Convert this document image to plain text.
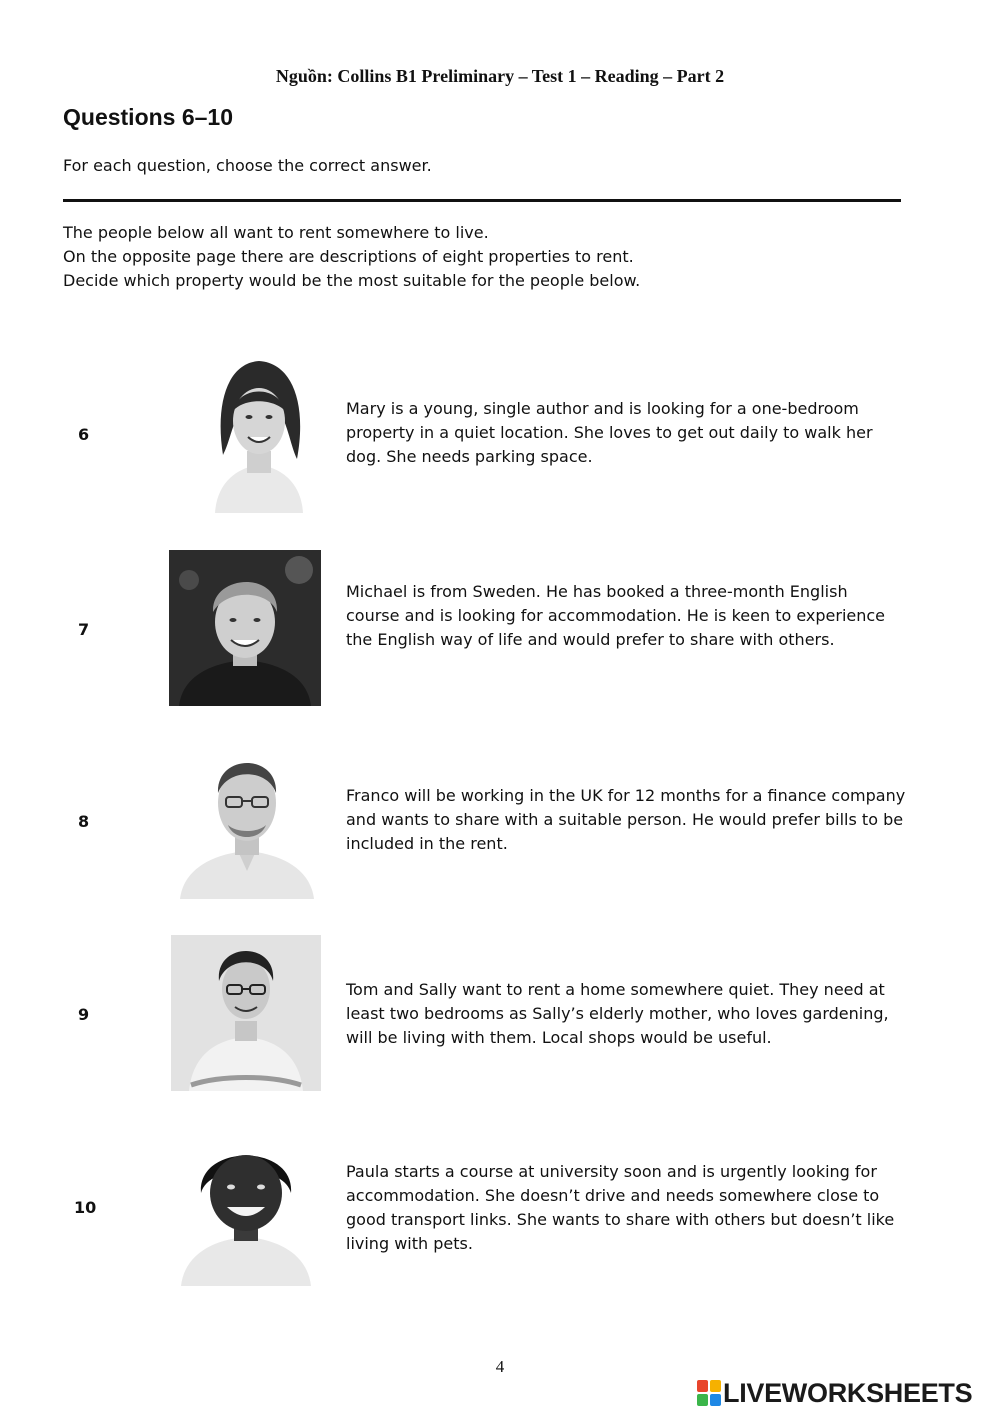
Nguồn: Collins B1 Preliminary – Test 1 – Reading – Part 2
Questions 6–10
For each question, choose the correct answer.
The people below all want to rent somewhere to live.
On the opposite page there are descriptions of eight properties to rent.
Decide which property would be the most suitable for the people below.
6
Mary is a young, single author and is looking for a one-bedroom property in a quiet location. She loves to get out daily to walk her dog. She needs parking space.
7
Michael is from Sweden. He has booked a three-month English course and is looking for accommodation. He is keen to experience the English way of life and would prefer to share with others.
8
Franco will be working in the UK for 12 months for a finance company and wants to share with a suitable person. He would prefer bills to be included in the rent.
9
Tom and Sally want to rent a home somewhere quiet. They need at least two bedrooms as Sally’s elderly mother, who loves gardening, will be living with them. Local shops would be useful.
10
Paula starts a course at university soon and is urgently looking for accommodation. She doesn’t drive and needs somewhere close to good transport links. She wants to share with others but doesn’t like living with pets.
4
LIVEWORKSHEETS
